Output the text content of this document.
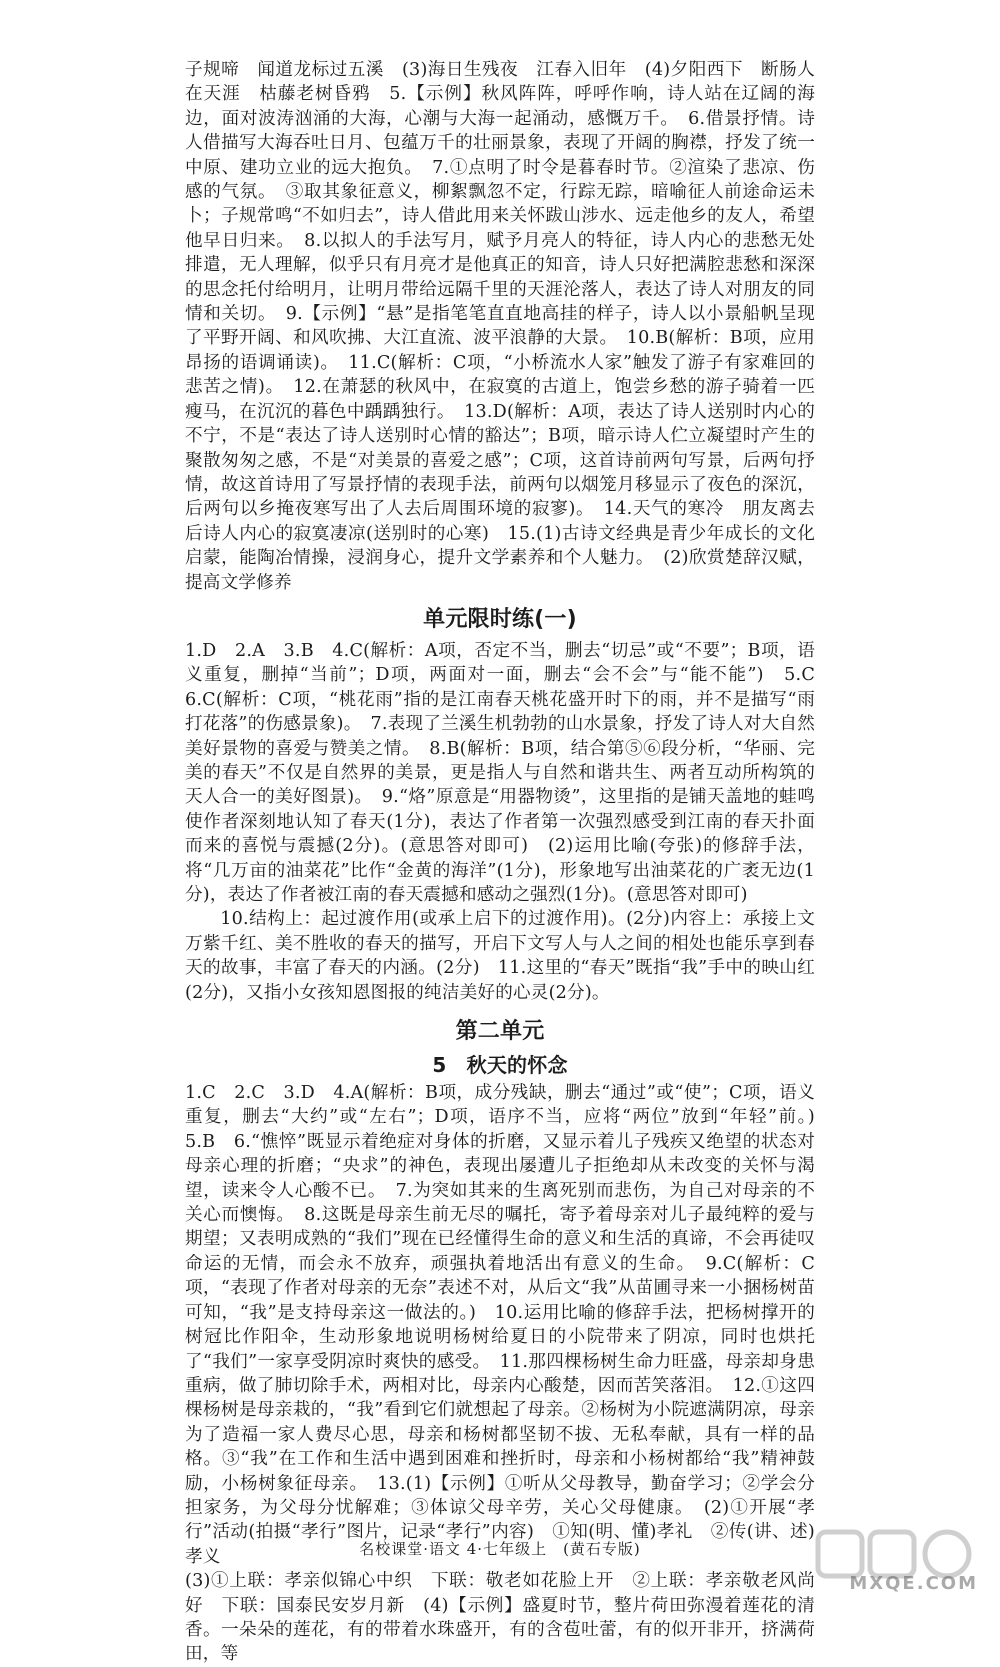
子规啼　闻道龙标过五溪　(3)海日生残夜　江春入旧年　(4)夕阳西下　断肠人在天涯　枯藤老树昏鸦　5.【示例】秋风阵阵，呼呼作响，诗人站在辽阔的海边，面对波涛汹涌的大海，心潮与大海一起涌动，感慨万千。　6.借景抒情。诗人借描写大海吞吐日月、包蕴万千的壮丽景象，表现了开阔的胸襟，抒发了统一中原、建功立业的远大抱负。　7.①点明了时令是暮春时节。②渲染了悲凉、伤感的气氛。　③取其象征意义，柳絮飘忽不定，行踪无踪，暗喻征人前途命运未卜；子规常鸣“不如归去”，诗人借此用来关怀跋山涉水、远走他乡的友人，希望他早日归来。　8.以拟人的手法写月，赋予月亮人的特征，诗人内心的悲愁无处排遣，无人理解，似乎只有月亮才是他真正的知音，诗人只好把满腔悲愁和深深的思念托付给明月，让明月带给远隔千里的天涯沦落人，表达了诗人对朋友的同情和关切。　9.【示例】“悬”是指笔笔直直地高挂的样子，诗人以小景船帆呈现了平野开阔、和风吹拂、大江直流、波平浪静的大景。　10.B(解析：B项，应用昂扬的语调诵读)。　11.C(解析：C项，“小桥流水人家”触发了游子有家难回的悲苦之情)。　12.在萧瑟的秋风中，在寂寞的古道上，饱尝乡愁的游子骑着一匹瘦马，在沉沉的暮色中踽踽独行。　13.D(解析：A项，表达了诗人送别时内心的不宁，不是“表达了诗人送别时心情的豁达”；B项，暗示诗人伫立凝望时产生的聚散匆匆之感，不是“对美景的喜爱之感”；C项，这首诗前两句写景，后两句抒情，故这首诗用了写景抒情的表现手法，前两句以烟笼月移显示了夜色的深沉，后两句以乡掩夜寒写出了人去后周围环境的寂寥)。　14.天气的寒冷　朋友离去后诗人内心的寂寞凄凉(送别时的心寒)　15.(1)古诗文经典是青少年成长的文化启蒙，能陶冶情操，浸润身心，提升文学素养和个人魅力。　(2)欣赏楚辞汉赋，提高文学修养

单元限时练(一)

1.D　2.A　3.B　4.C(解析：A项，否定不当，删去“切忌”或“不要”；B项，语义重复，删掉“当前”；D项，两面对一面，删去“会不会”与“能不能”)　5.C　6.C(解析：C项，“桃花雨”指的是江南春天桃花盛开时下的雨，并不是描写“雨打花落”的伤感景象)。　7.表现了兰溪生机勃勃的山水景象，抒发了诗人对大自然美好景物的喜爱与赞美之情。　8.B(解析：B项，结合第⑤⑥段分析，“华丽、完美的春天”不仅是自然界的美景，更是指人与自然和谐共生、两者互动所构筑的天人合一的美好图景)。　9.“烙”原意是“用器物烫”，这里指的是铺天盖地的蛙鸣使作者深刻地认知了春天(1分)，表达了作者第一次强烈感受到江南的春天扑面而来的喜悦与震撼(2分)。(意思答对即可)　(2)运用比喻(夸张)的修辞手法，将“几万亩的油菜花”比作“金黄的海洋”(1分)，形象地写出油菜花的广袤无边(1分)，表达了作者被江南的春天震撼和感动之强烈(1分)。(意思答对即可)

10.结构上：起过渡作用(或承上启下的过渡作用)。(2分)内容上：承接上文万紫千红、美不胜收的春天的描写，开启下文写人与人之间的相处也能乐享到春天的故事，丰富了春天的内涵。(2分)　11.这里的“春天”既指“我”手中的映山红(2分)，又指小女孩知恩图报的纯洁美好的心灵(2分)。

第二单元
5　秋天的怀念

1.C　2.C　3.D　4.A(解析：B项，成分残缺，删去“通过”或“使”；C项，语义重复，删去“大约”或“左右”；D项，语序不当，应将“两位”放到“年轻”前。)　5.B　6.“憔悴”既显示着绝症对身体的折磨，又显示着儿子残疾又绝望的状态对母亲心理的折磨；“央求”的神色，表现出屡遭儿子拒绝却从未改变的关怀与渴望，读来令人心酸不已。　7.为突如其来的生离死别而悲伤，为自己对母亲的不关心而懊悔。　8.这既是母亲生前无尽的嘱托，寄予着母亲对儿子最纯粹的爱与期望；又表明成熟的“我们”现在已经懂得生命的意义和生活的真谛，不会再徒叹命运的无情，而会永不放弃，顽强执着地活出有意义的生命。　9.C(解析：C项，“表现了作者对母亲的无奈”表述不对，从后文“我”从苗圃寻来一小捆杨树苗可知，“我”是支持母亲这一做法的。)　10.运用比喻的修辞手法，把杨树撑开的树冠比作阳伞，生动形象地说明杨树给夏日的小院带来了阴凉，同时也烘托了“我们”一家享受阴凉时爽快的感受。　11.那四棵杨树生命力旺盛，母亲却身患重病，做了肺切除手术，两相对比，母亲内心酸楚，因而苦笑落泪。　12.①这四棵杨树是母亲栽的，“我”看到它们就想起了母亲。②杨树为小院遮满阴凉，母亲为了造福一家人费尽心思，母亲和杨树都坚韧不拔、无私奉献，具有一样的品格。③“我”在工作和生活中遇到困难和挫折时，母亲和小杨树都给“我”精神鼓励，小杨树象征母亲。　13.(1)【示例】①听从父母教导，勤奋学习；②学会分担家务，为父母分忧解难；③体谅父母辛劳，关心父母健康。　(2)①开展“孝行”活动(拍摄“孝行”图片，记录“孝行”内容)　①知(明、懂)孝礼　②传(讲、述)孝义

(3)①上联：孝亲似锦心中织　下联：敬老如花脸上开　②上联：孝亲敬老风尚好　下联：国泰民安岁月新　(4)【示例】盛夏时节，整片荷田弥漫着莲花的清香。一朵朵的莲花，有的带着水珠盛开，有的含苞吐蕾，有的似开非开，挤满荷田，等

名校课堂·语文 4·七年级上　(黄石专版)
MXQE.COM
